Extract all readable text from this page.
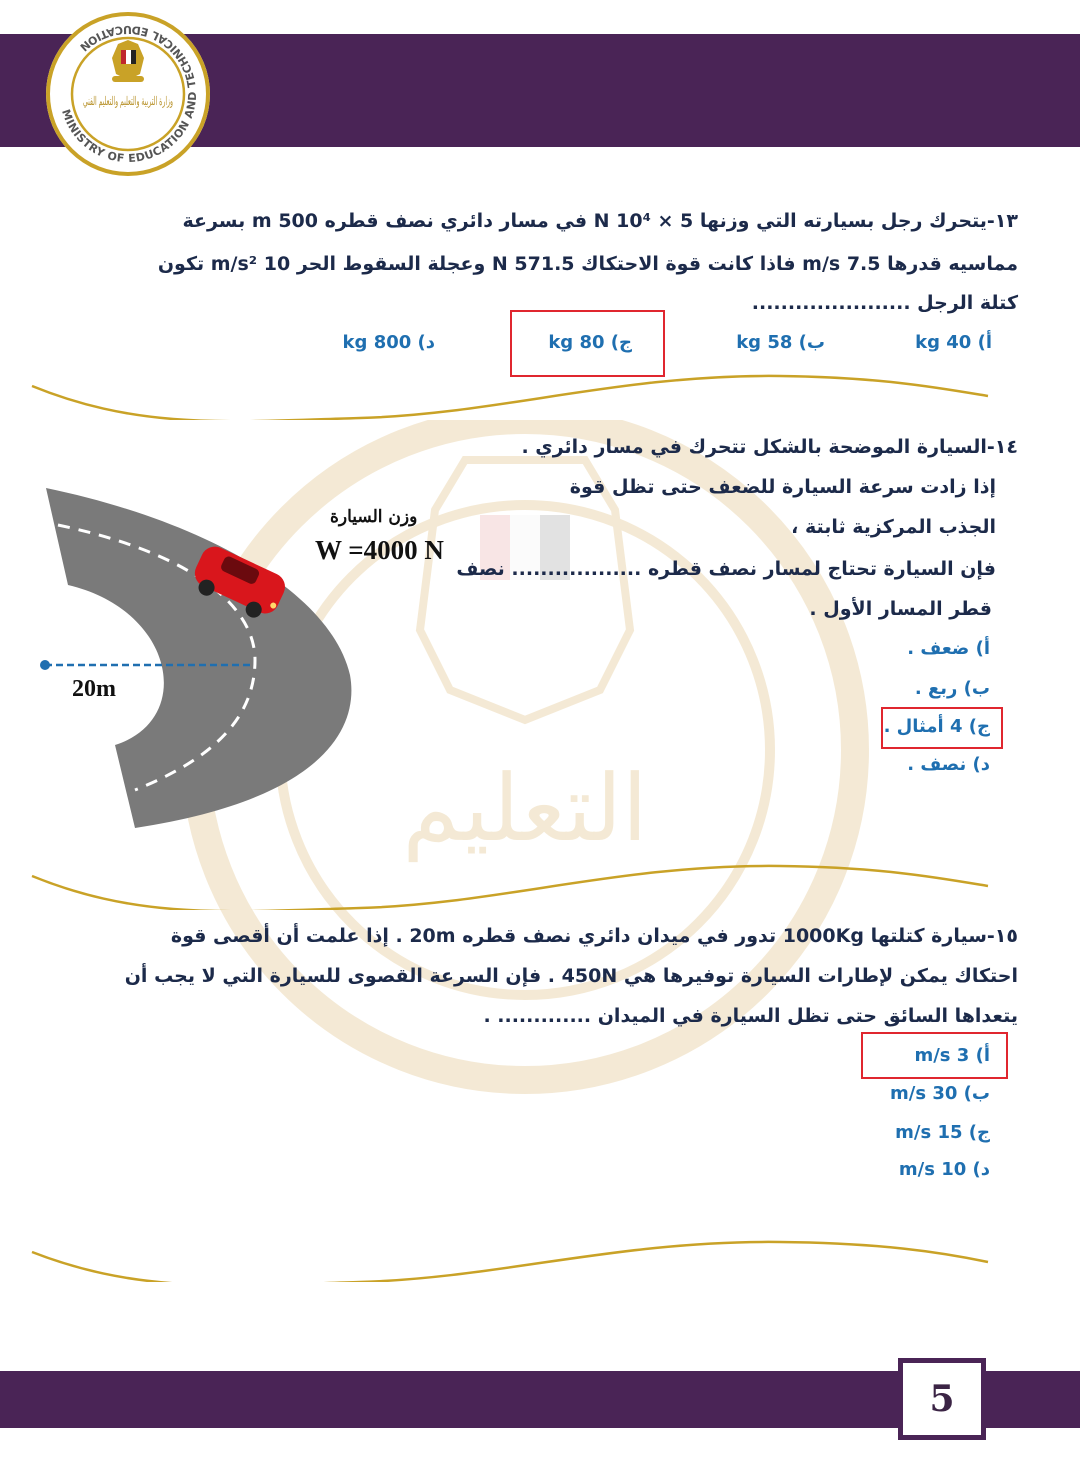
MINISTRY OF EDUCATION AND TECHNICAL EDUCATION
وزارة التربية والتعليم والتعليم الفني
التعليم
١٣-يتحرك رجل بسيارته التي وزنها N 10⁴ × 5 في مسار دائري نصف قطره 500 m بسرعة
مماسيه قدرها 7.5 m/s فاذا كانت قوة الاحتكاك 571.5 N وعجلة السقوط الحر 10 m/s² تكون
كتلة الرجل ......................
أ) 40 kg
ب) 58 kg
ج) 80 kg
د) 800 kg
١٤-السيارة الموضحة بالشكل تتحرك في مسار دائري .
إذا زادت سرعة السيارة للضعف حتى تظل قوة
الجذب المركزية ثابتة ،
فإن السيارة تحتاج لمسار نصف قطره .................. نصف
قطر المسار الأول .
وزن السيارة
W =4000 N
20m
أ) ضعف .
ب) ربع .
ج) 4 أمثال .
د) نصف .
١٥-سيارة كتلتها 1000Kg تدور في ميدان دائري نصف قطره 20m . إذا علمت أن أقصى قوة
احتكاك يمكن لإطارات السيارة توفيرها هي 450N . فإن السرعة القصوى للسيارة التي لا يجب أن
يتعداها السائق حتى تظل السيارة في الميدان ............. .
أ) 3 m/s
ب) 30 m/s
ج) 15 m/s
د) 10 m/s
5
